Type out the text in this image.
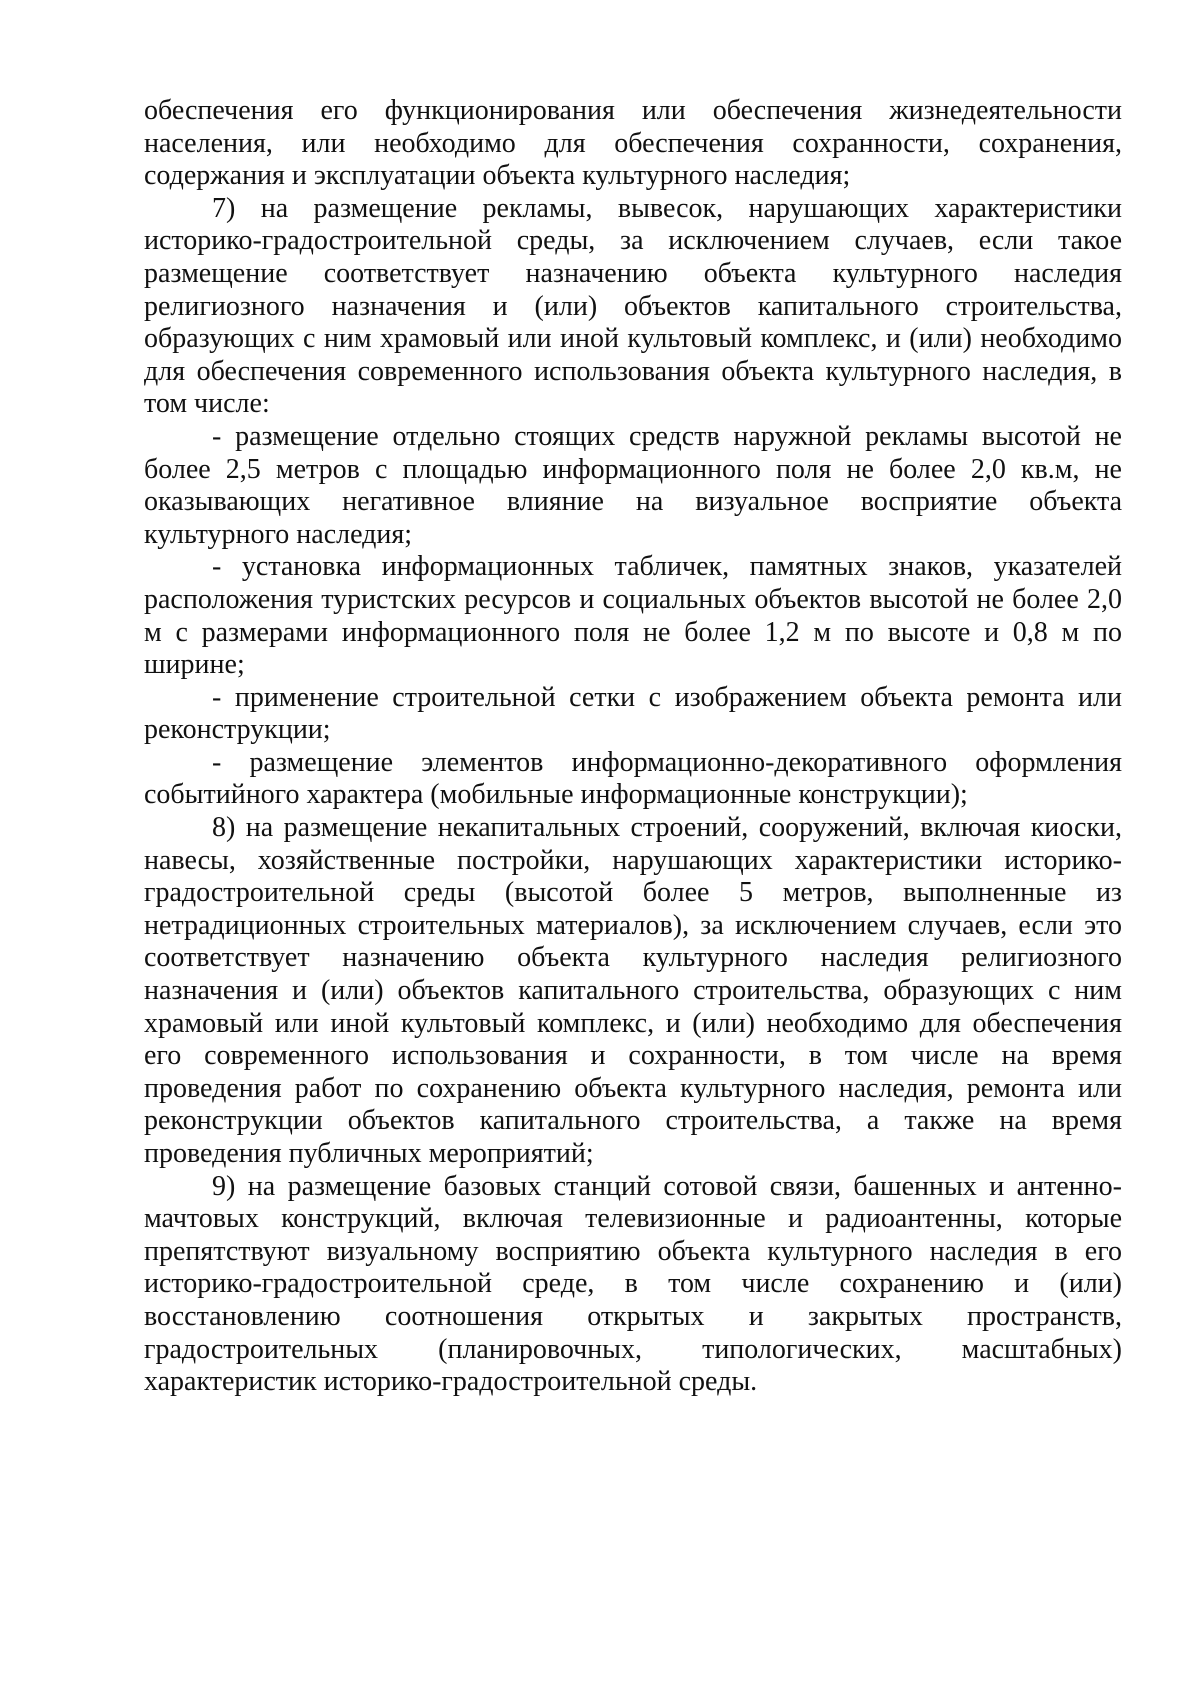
обеспечения его функционирования или обеспечения жизнедеятельности населения, или необходимо для обеспечения сохранности, сохранения, содержания и эксплуатации объекта культурного наследия;

7) на размещение рекламы, вывесок, нарушающих характеристики историко-градостроительной среды, за исключением случаев, если такое размещение соответствует назначению объекта культурного наследия религиозного назначения и (или) объектов капитального строительства, образующих с ним храмовый или иной культовый комплекс, и (или) необходимо для обеспечения современного использования объекта культурного наследия, в том числе:

- размещение отдельно стоящих средств наружной рекламы высотой не более 2,5 метров с площадью информационного поля не более 2,0 кв.м, не оказывающих негативное влияние на визуальное восприятие объекта культурного наследия;

- установка информационных табличек, памятных знаков, указателей расположения туристских ресурсов и социальных объектов высотой не более 2,0 м с размерами информационного поля не более 1,2 м по высоте и 0,8 м по ширине;

- применение строительной сетки с изображением объекта ремонта или реконструкции;

- размещение элементов информационно-декоративного оформления событийного характера (мобильные информационные конструкции);

8) на размещение некапитальных строений, сооружений, включая киоски, навесы, хозяйственные постройки, нарушающих характеристики историко-градостроительной среды (высотой более 5 метров, выполненные из нетрадиционных строительных материалов), за исключением случаев, если это соответствует назначению объекта культурного наследия религиозного назначения и (или) объектов капитального строительства, образующих с ним храмовый или иной культовый комплекс, и (или) необходимо для обеспечения его современного использования и сохранности, в том числе на время проведения работ по сохранению объекта культурного наследия, ремонта или реконструкции объектов капитального строительства, а также на время проведения публичных мероприятий;

9) на размещение базовых станций сотовой связи, башенных и антенно-мачтовых конструкций, включая телевизионные и радиоантенны, которые препятствуют визуальному восприятию объекта культурного наследия в его историко-градостроительной среде, в том числе сохранению и (или) восстановлению соотношения открытых и закрытых пространств, градостроительных (планировочных, типологических, масштабных) характеристик историко-градостроительной среды.
